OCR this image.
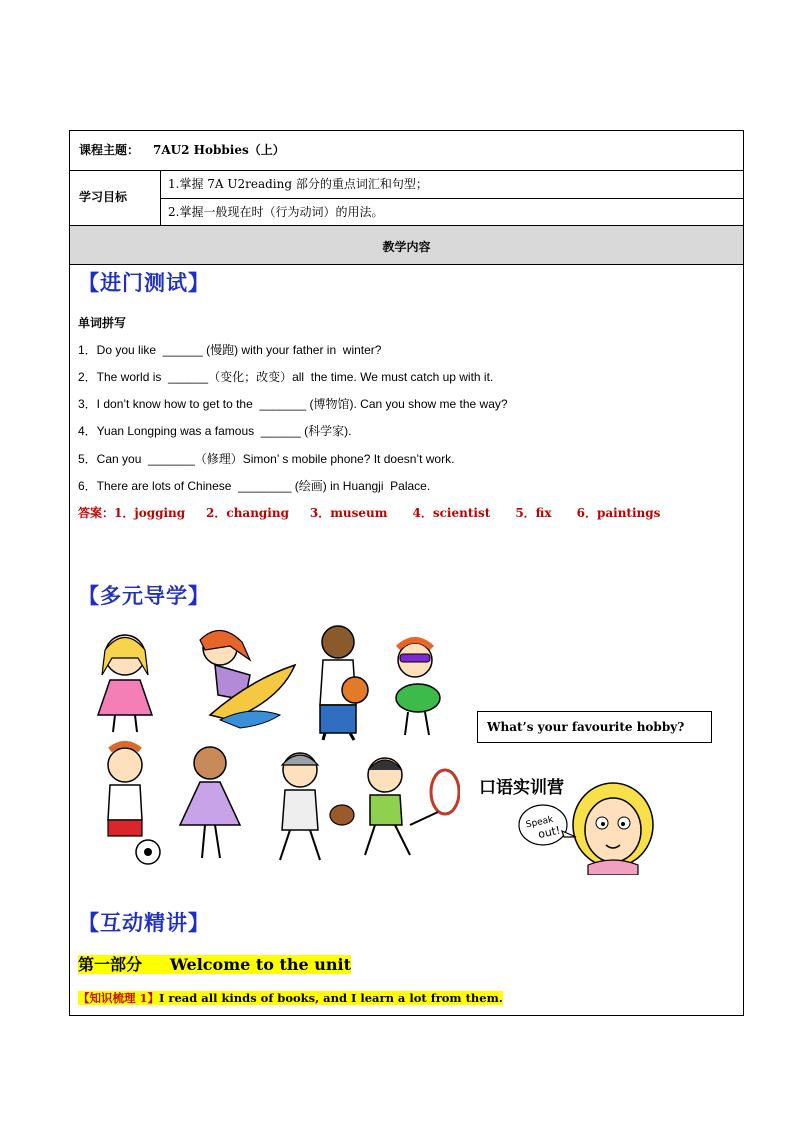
课程主题： 7AU2 Hobbies（上）
学习目标
1.掌握 7A U2reading 部分的重点词汇和句型；
2.掌握一般现在时（行为动词）的用法。
教学内容
【进门测试】
单词拼写
1．Do you like  ______ (慢跑) with your father in  winter?
2．The world is  ______（变化；改变）all  the time. We must catch up with it.
3．I don’t know how to get to the  _______ (博物馆). Can you show me the way?
4．Yuan Longping was a famous  ______ (科学家).
5．Can you  _______（修理）Simon’ s mobile phone? It doesn’t work.
6．There are lots of Chinese  ________ (绘画) in Huangji  Palace.
答案：1．jogging     2．changing     3．museum      4．scientist      5．fix      6．paintings
【多元导学】
What’s your favourite hobby?
口语实训营
Speak
out!
【互动精讲】
第一部分     Welcome to the unit
【知识梳理 1】I read all kinds of books, and I learn a lot from them.
